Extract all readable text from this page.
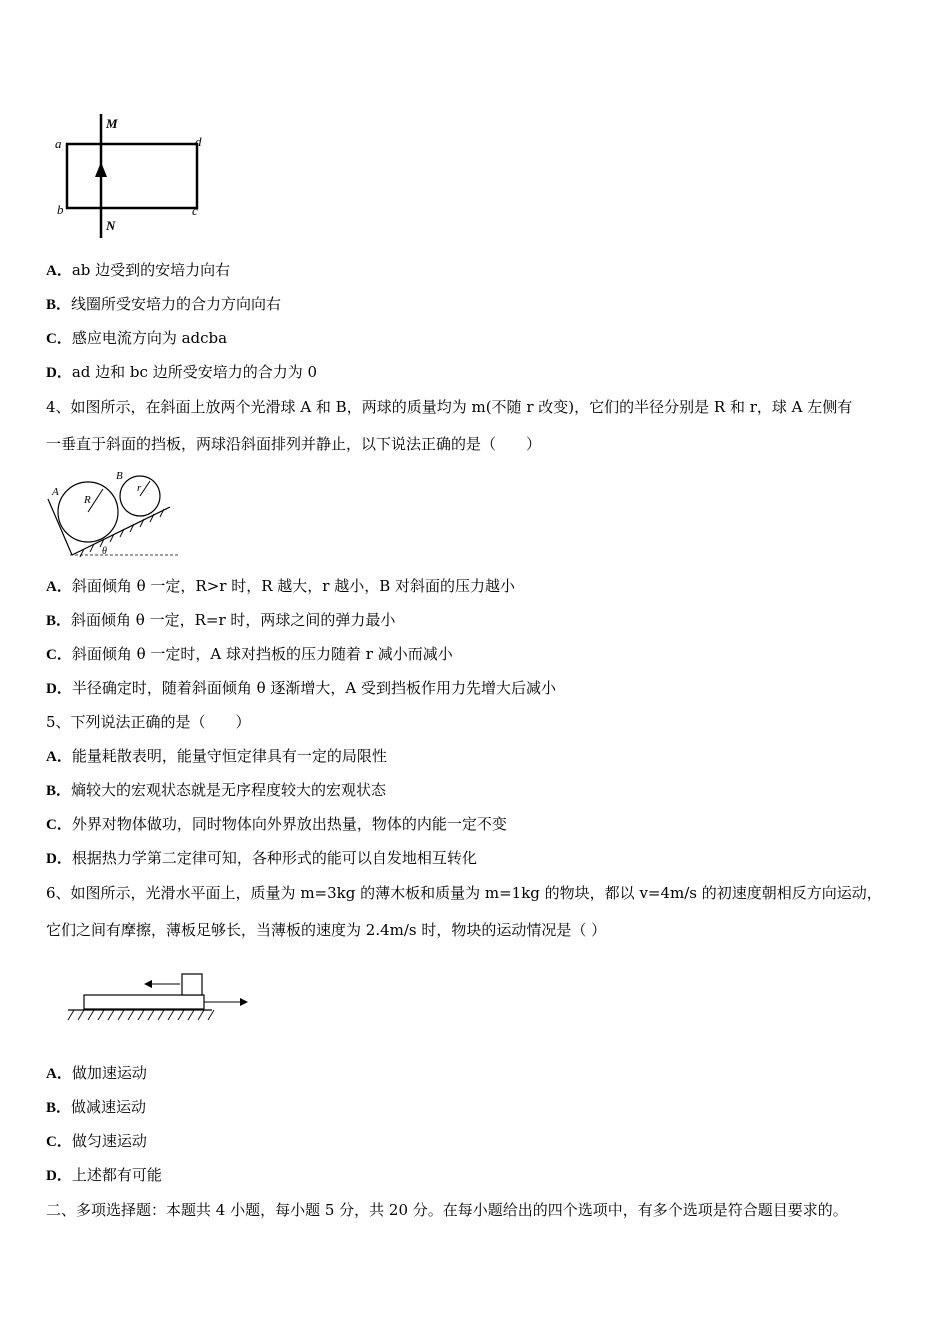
M
N
a
b	c
d
A．ab 边受到的安培力向右
B．线圈所受安培力的合力方向向右
C．感应电流方向为 adcba
D．ad 边和 bc 边所受安培力的合力为 0
4、如图所示，在斜面上放两个光滑球 A 和 B，两球的质量均为 m(不随 r 改变)，它们的半径分别是 R 和 r，球 A 左侧有
一垂直于斜面的挡板，两球沿斜面排列并静止，以下说法正确的是（　　）
A
B
R
r
θ
A．斜面倾角 θ 一定，R>r 时，R 越大，r 越小，B 对斜面的压力越小
B．斜面倾角 θ 一定，R=r 时，两球之间的弹力最小
C．斜面倾角 θ 一定时，A 球对挡板的压力随着 r 减小而减小
D．半径确定时，随着斜面倾角 θ 逐渐增大，A 受到挡板作用力先增大后减小
5、下列说法正确的是（　　）
A．能量耗散表明，能量守恒定律具有一定的局限性
B．熵较大的宏观状态就是无序程度较大的宏观状态
C．外界对物体做功，同时物体向外界放出热量，物体的内能一定不变
D．根据热力学第二定律可知，各种形式的能可以自发地相互转化
6、如图所示，光滑水平面上，质量为 m=3kg 的薄木板和质量为 m=1kg 的物块，都以 v=4m/s 的初速度朝相反方向运动，
它们之间有摩擦，薄板足够长，当薄板的速度为 2.4m/s 时，物块的运动情况是（ ）
A．做加速运动
B．做减速运动
C．做匀速运动
D．上述都有可能
二、多项选择题：本题共 4 小题，每小题 5 分，共 20 分。在每小题给出的四个选项中，有多个选项是符合题目要求的。
